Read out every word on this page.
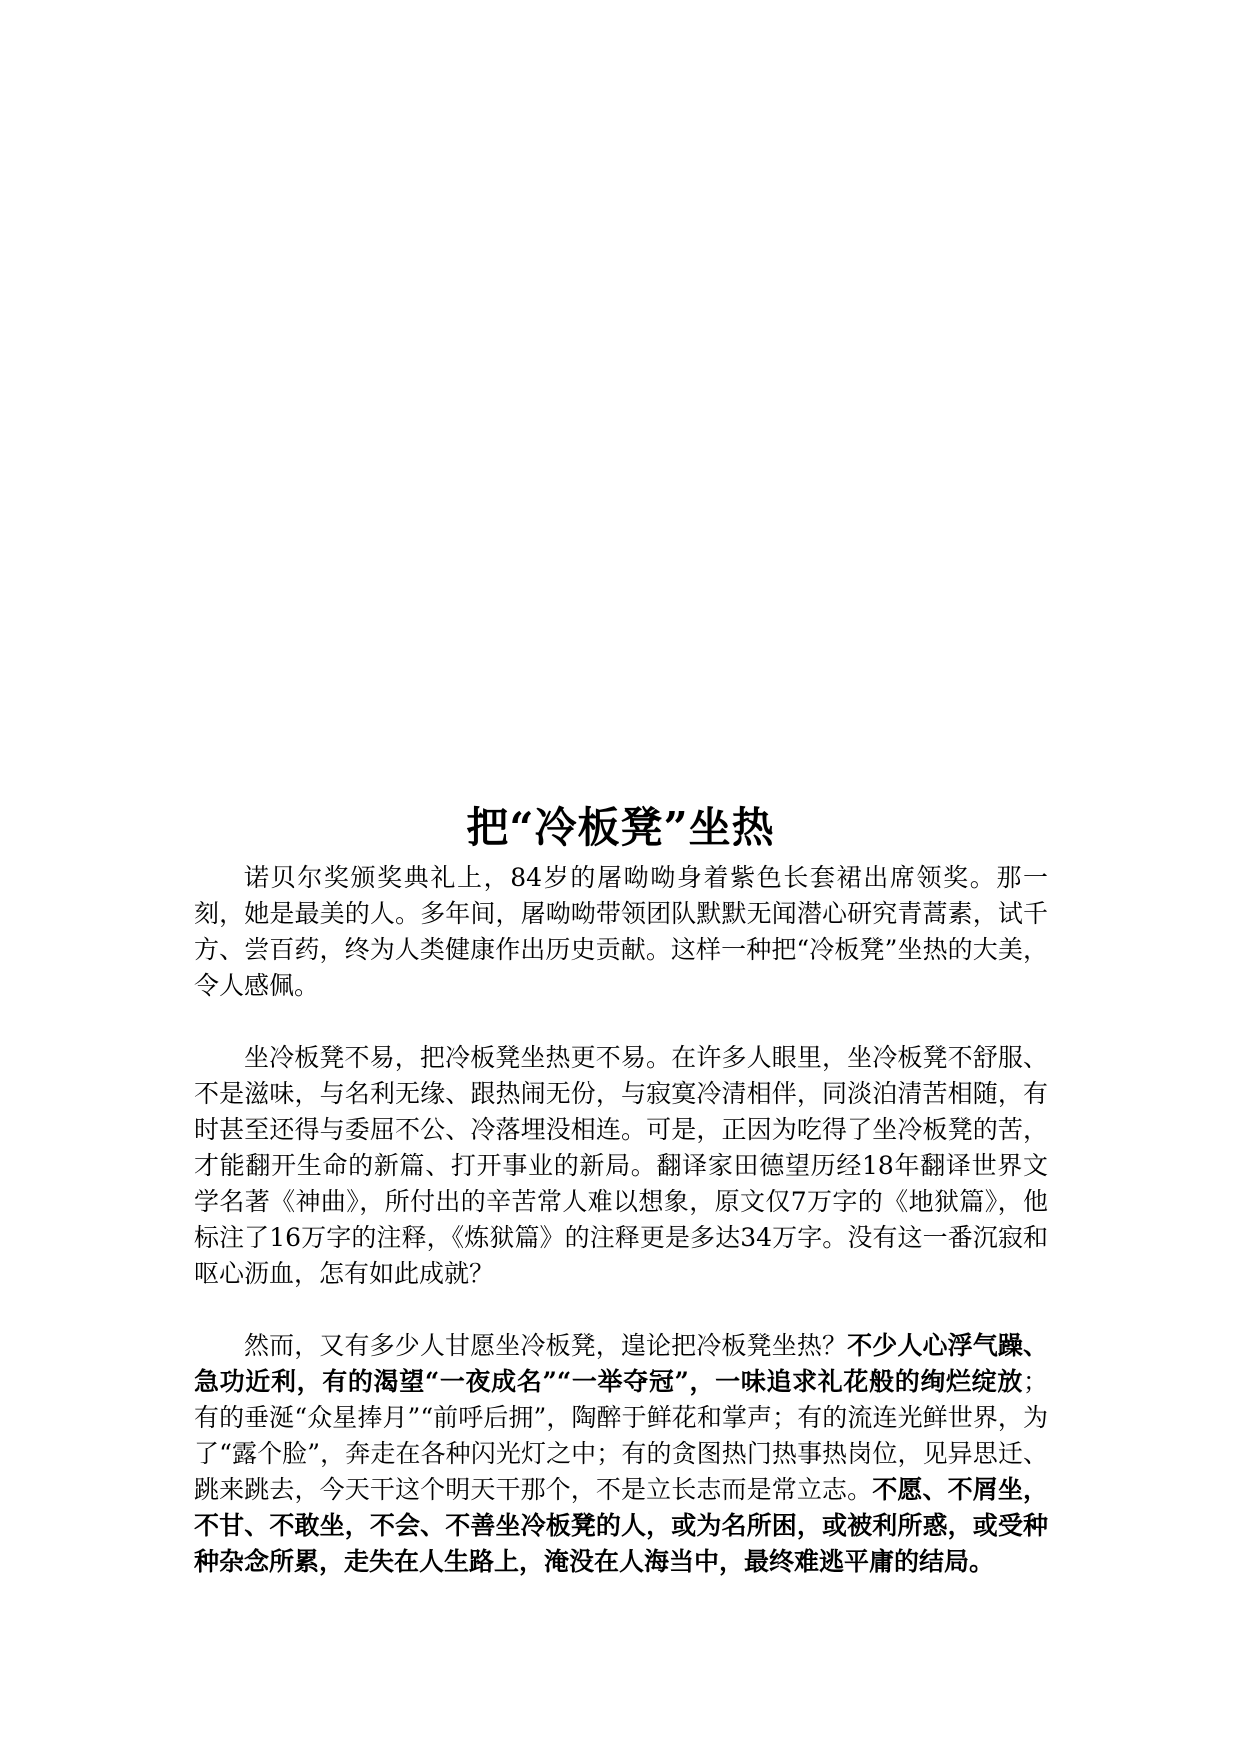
把“冷板凳”坐热

诺贝尔奖颁奖典礼上，84岁的屠呦呦身着紫色长套裙出席领奖。那一刻，她是最美的人。多年间，屠呦呦带领团队默默无闻潜心研究青蒿素，试千方、尝百药，终为人类健康作出历史贡献。这样一种把“冷板凳”坐热的大美，令人感佩。

坐冷板凳不易，把冷板凳坐热更不易。在许多人眼里，坐冷板凳不舒服、不是滋味，与名利无缘、跟热闹无份，与寂寞冷清相伴，同淡泊清苦相随，有时甚至还得与委屈不公、冷落埋没相连。可是，正因为吃得了坐冷板凳的苦，才能翻开生命的新篇、打开事业的新局。翻译家田德望历经18年翻译世界文学名著《神曲》，所付出的辛苦常人难以想象，原文仅7万字的《地狱篇》，他标注了16万字的注释，《炼狱篇》的注释更是多达34万字。没有这一番沉寂和呕心沥血，怎有如此成就？

然而，又有多少人甘愿坐冷板凳，遑论把冷板凳坐热？不少人心浮气躁、急功近利，有的渴望“一夜成名”“一举夺冠”，一味追求礼花般的绚烂绽放；有的垂涎“众星捧月”“前呼后拥”，陶醉于鲜花和掌声；有的流连光鲜世界，为了“露个脸”，奔走在各种闪光灯之中；有的贪图热门热事热岗位，见异思迁、跳来跳去，今天干这个明天干那个，不是立长志而是常立志。不愿、不屑坐，不甘、不敢坐，不会、不善坐冷板凳的人，或为名所困，或被利所惑，或受种种杂念所累，走失在人生路上，淹没在人海当中，最终难逃平庸的结局。
